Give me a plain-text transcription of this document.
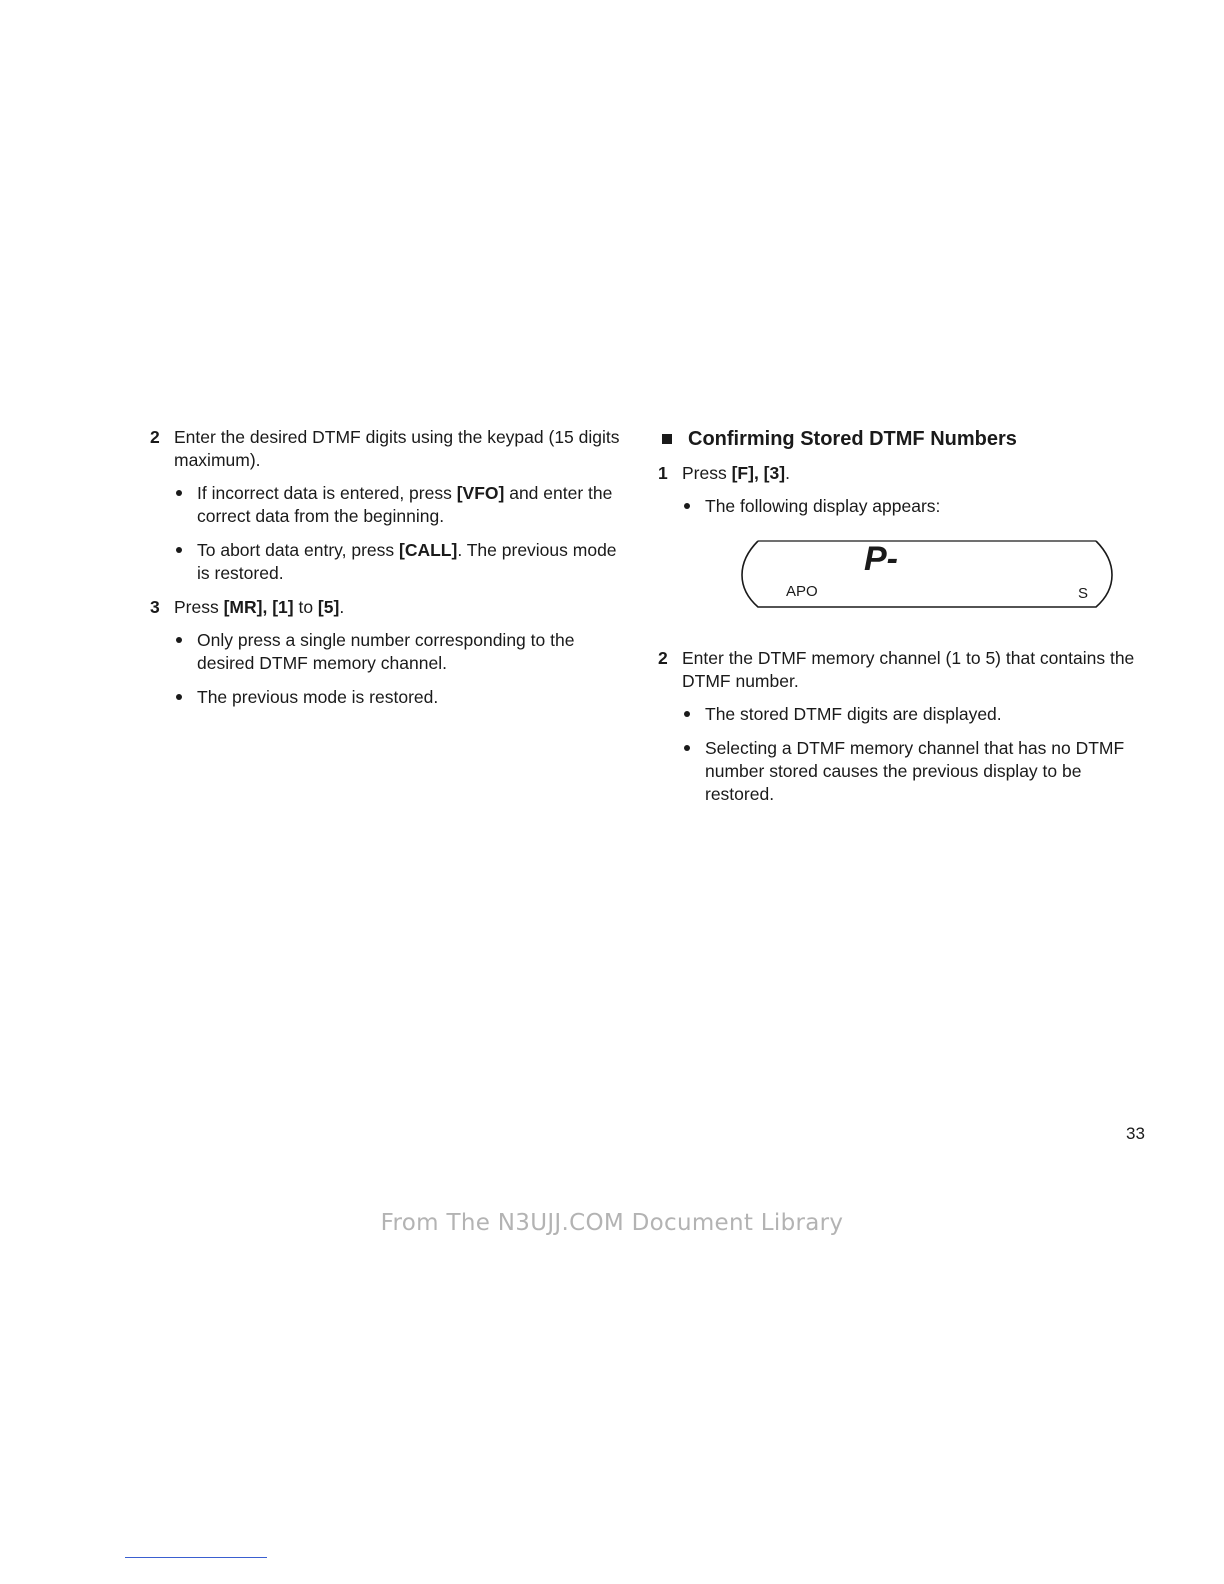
2 Enter the desired DTMF digits using the keypad (15 digits maximum).
If incorrect data is entered, press [VFO] and enter the correct data from the beginning.
To abort data entry, press [CALL]. The previous mode is restored.
3 Press [MR], [1] to [5].
Only press a single number corresponding to the desired DTMF memory channel.
The previous mode is restored.
Confirming Stored DTMF Numbers
1 Press [F], [3].
The following display appears:
P-
APO	S
2 Enter the DTMF memory channel (1 to 5) that contains the DTMF number.
The stored DTMF digits are displayed.
Selecting a DTMF memory channel that has no DTMF number stored causes the previous display to be restored.
33
From The N3UJJ.COM Document Library
